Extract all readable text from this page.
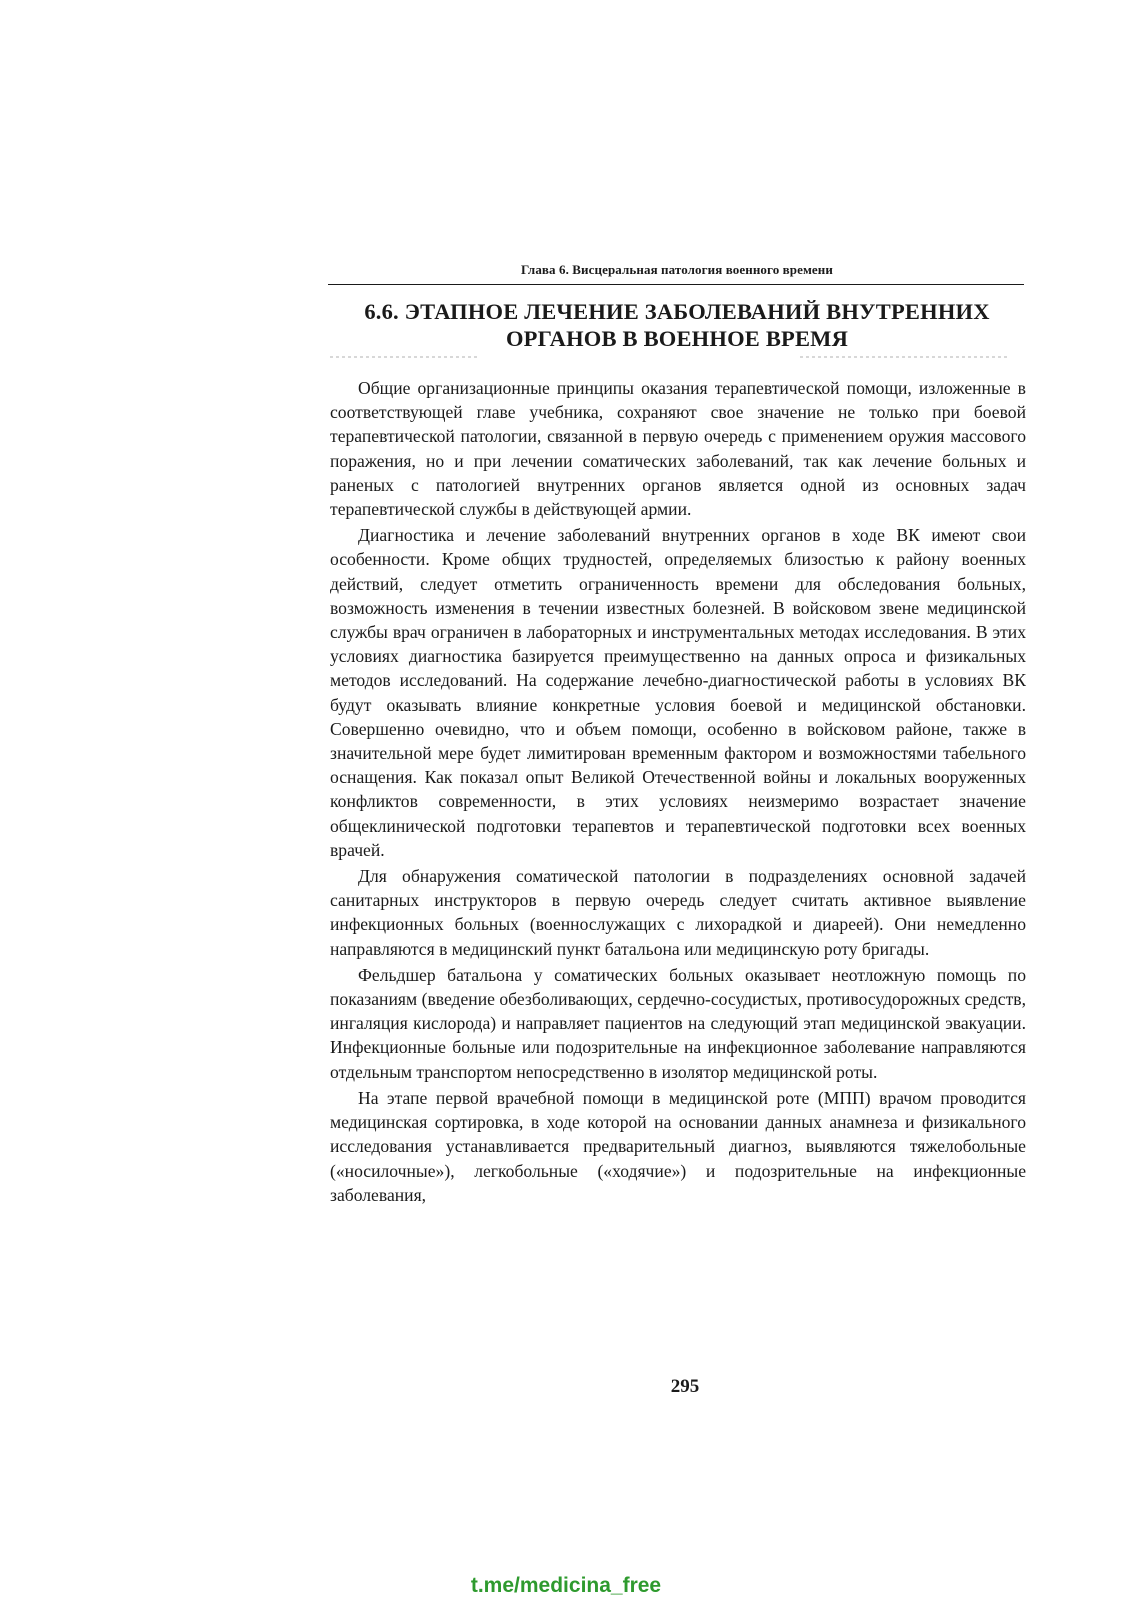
Глава 6. Висцеральная патология военного времени
6.6. ЭТАПНОЕ ЛЕЧЕНИЕ ЗАБОЛЕВАНИЙ ВНУТРЕННИХ
ОРГАНОВ В ВОЕННОЕ ВРЕМЯ

Общие организационные принципы оказания терапевтической помощи, изложенные в соответствующей главе учебника, сохраняют свое значение не только при боевой терапевтической патологии, связанной в первую очередь с применением оружия массового поражения, но и при лечении соматических заболеваний, так как лечение больных и раненых с патологией внутренних органов является одной из основных задач терапевтической службы в действующей армии.

Диагностика и лечение заболеваний внутренних органов в ходе ВК имеют свои особенности. Кроме общих трудностей, определяемых близостью к району военных действий, следует отметить ограниченность времени для обследования больных, возможность изменения в течении известных болезней. В войсковом звене медицинской службы врач ограничен в лабораторных и инструментальных методах исследования. В этих условиях диагностика базируется преимущественно на данных опроса и физикальных методов исследований. На содержание лечебно-диагностической работы в условиях ВК будут оказывать влияние конкретные условия боевой и медицинской обстановки. Совершенно очевидно, что и объем помощи, особенно в войсковом районе, также в значительной мере будет лимитирован временным фактором и возможностями табельного оснащения. Как показал опыт Великой Отечественной войны и локальных вооруженных конфликтов современности, в этих условиях неизмеримо возрастает значение общеклинической подготовки терапевтов и терапевтической подготовки всех военных врачей.

Для обнаружения соматической патологии в подразделениях основной задачей санитарных инструкторов в первую очередь следует считать активное выявление инфекционных больных (военнослужащих с лихорадкой и диареей). Они немедленно направляются в медицинский пункт батальона или медицинскую роту бригады.

Фельдшер батальона у соматических больных оказывает неотложную помощь по показаниям (введение обезболивающих, сердечно-сосудистых, противосудорожных средств, ингаляция кислорода) и направляет пациентов на следующий этап медицинской эвакуации. Инфекционные больные или подозрительные на инфекционное заболевание направляются отдельным транспортом непосредственно в изолятор медицинской роты.

На этапе первой врачебной помощи в медицинской роте (МПП) врачом проводится медицинская сортировка, в ходе которой на основании данных анамнеза и физикального исследования устанавливается предварительный диагноз, выявляются тяжелобольные («носилочные»), легкобольные («ходячие») и подозрительные на инфекционные заболевания,

295
t.me/medicina_free
